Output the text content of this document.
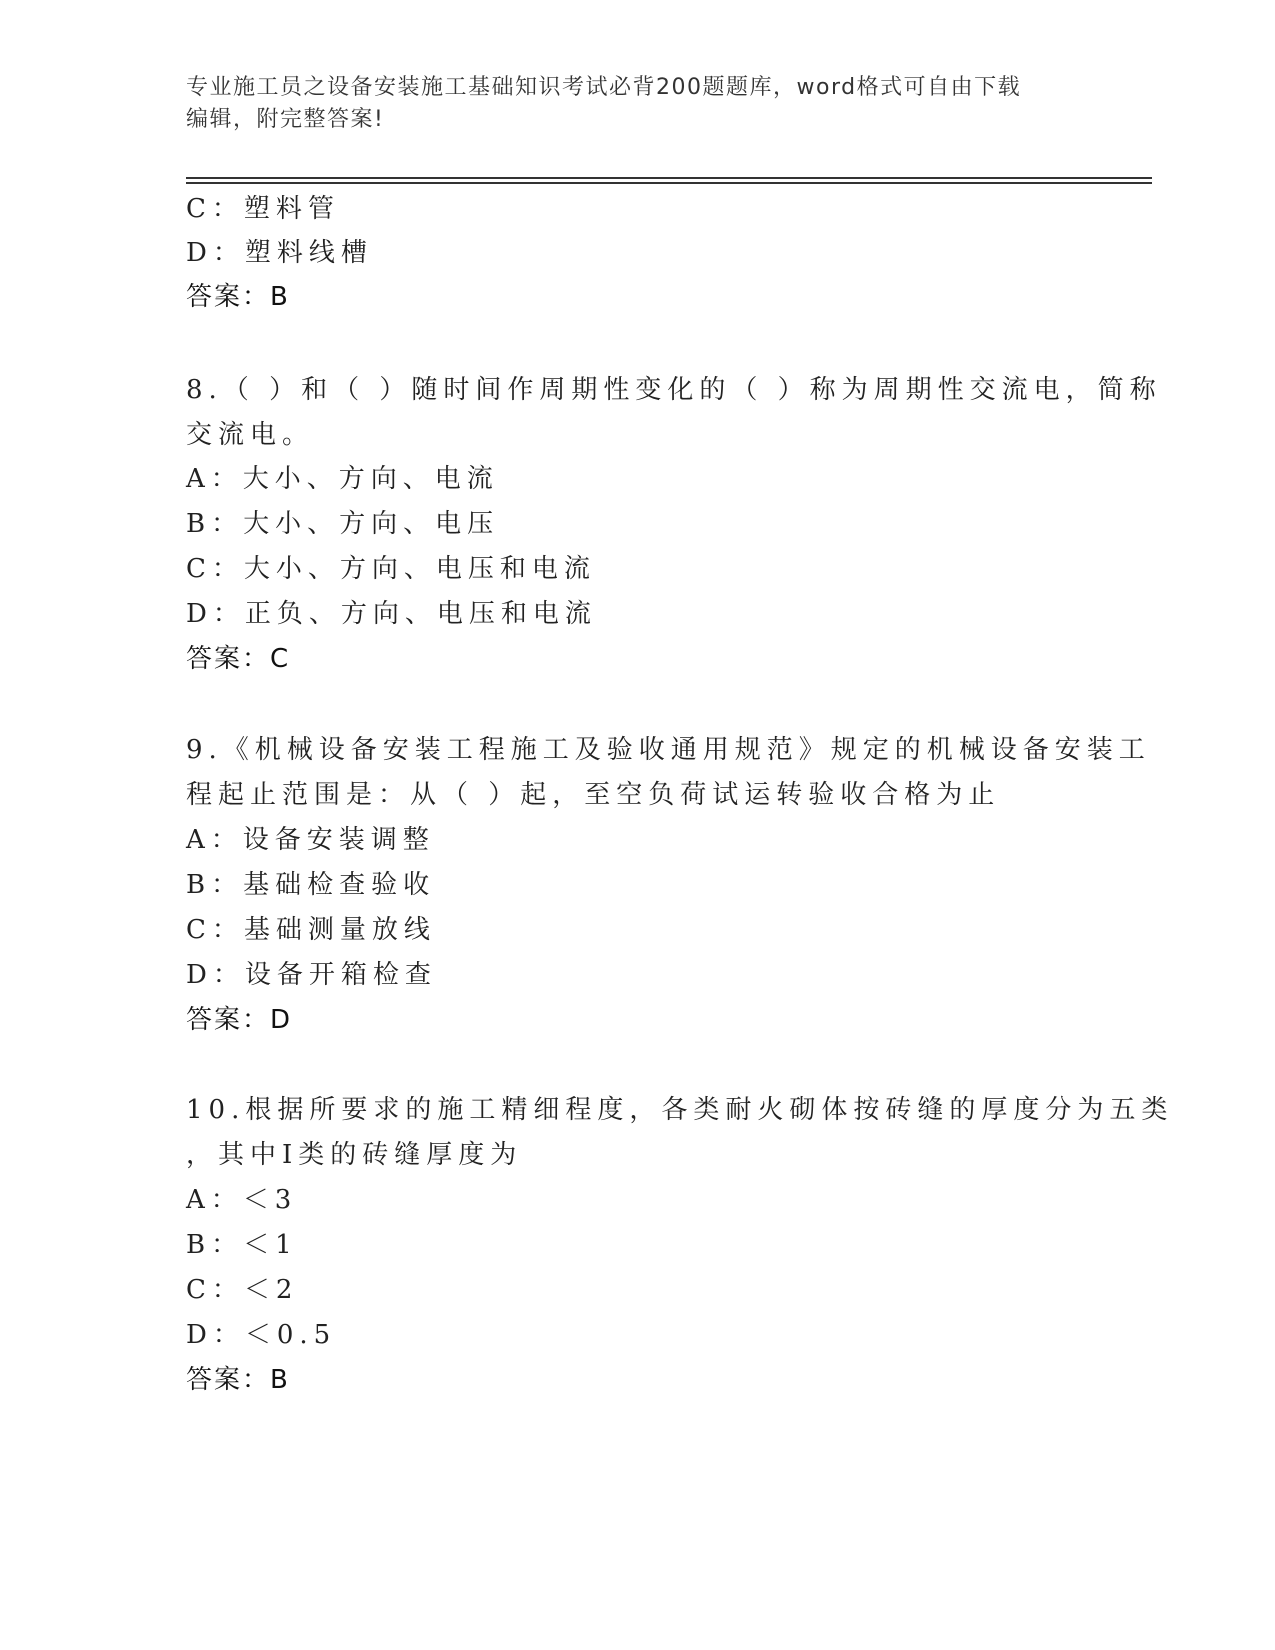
专业施工员之设备安装施工基础知识考试必背200题题库，word格式可自由下载
编辑，附完整答案!
C：塑料管
D：塑料线槽
答案：B
8.（ ）和（ ）随时间作周期性变化的（ ）称为周期性交流电，简称
交流电。
A：大小、方向、电流
B：大小、方向、电压
C：大小、方向、电压和电流
D：正负、方向、电压和电流
答案：C
9.《机械设备安装工程施工及验收通用规范》规定的机械设备安装工
程起止范围是：从（ ）起，至空负荷试运转验收合格为止
A：设备安装调整
B：基础检查验收
C：基础测量放线
D：设备开箱检查
答案：D
10.根据所要求的施工精细程度，各类耐火砌体按砖缝的厚度分为五类
，其中Ⅰ类的砖缝厚度为
A：＜3
B：＜1
C：＜2
D：＜0.5
答案：B
